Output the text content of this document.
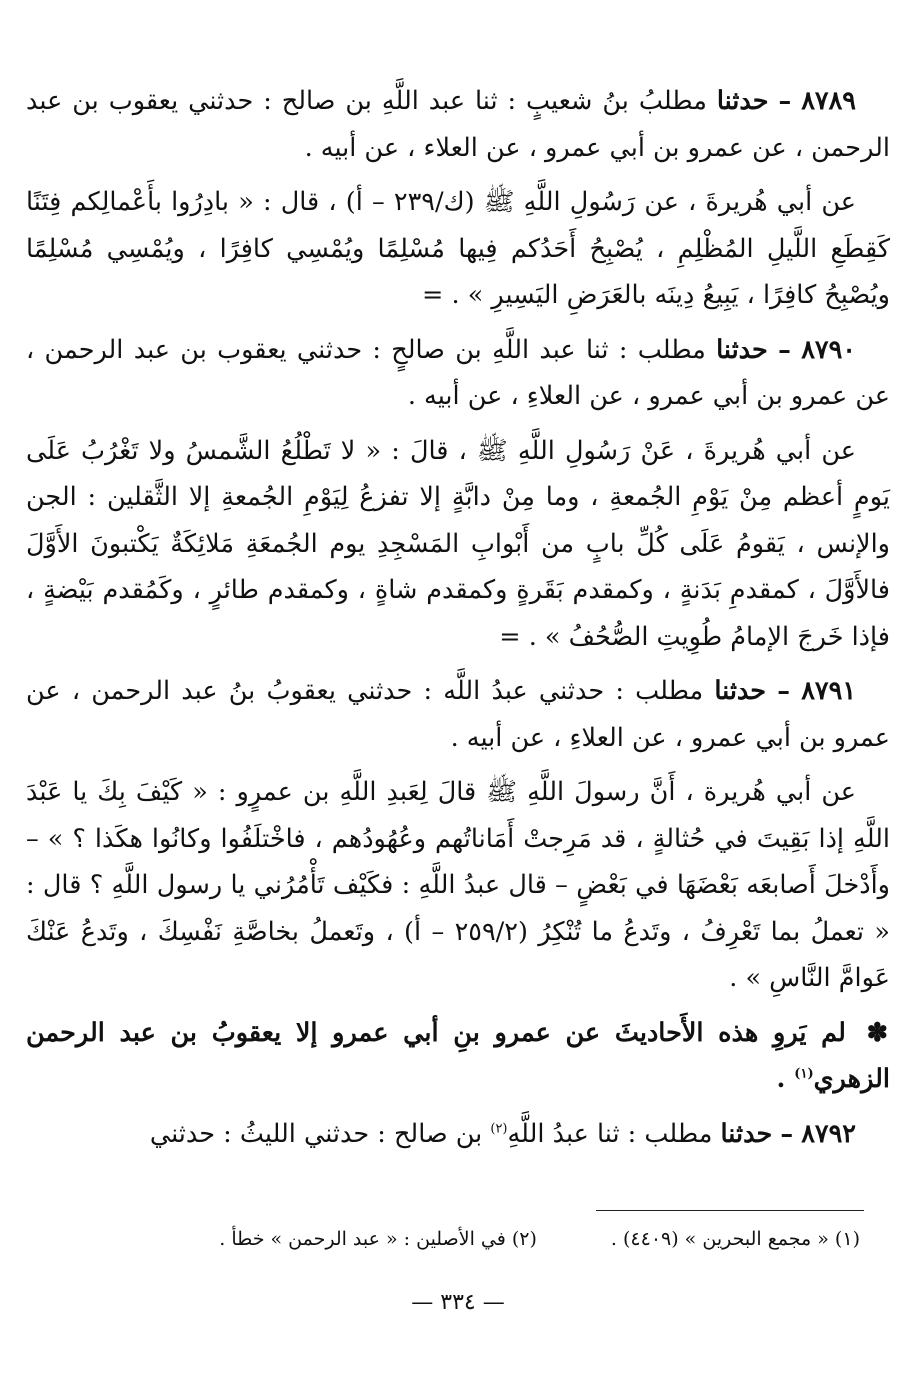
٨٧٨٩ – حدثنا مطلبُ بنُ شعيبٍ : ثنا عبد اللَّهِ بن صالح : حدثني يعقوب بن عبد الرحمن ، عن عمرو بن أبي عمرو ، عن العلاء ، عن أبيه .

عن أبي هُريرةَ ، عن رَسُولِ اللَّهِ ﷺ (ك/٢٣٩ – أ) ، قال : « بادِرُوا بأَعْمالِكم فِتَنًا كَقِطَعِ اللَّيلِ المُظْلِمِ ، يُصْبِحُ أَحَدُكم فِيها مُسْلِمًا ويُمْسِي كافِرًا ، ويُمْسِي مُسْلِمًا ويُصْبِحُ كافِرًا ، يَبِيعُ دِينَه بالعَرَضِ اليَسِيرِ » . =

٨٧٩٠ – حدثنا مطلب : ثنا عبد اللَّهِ بن صالحٍ : حدثني يعقوب بن عبد الرحمن ، عن عمرو بن أبي عمرو ، عن العلاءِ ، عن أبيه .

عن أبي هُريرةَ ، عَنْ رَسُولِ اللَّهِ ﷺ ، قالَ : « لا تَطْلُعُ الشَّمسُ ولا تَغْرُبُ عَلَى يَومٍ أعظم مِنْ يَوْمِ الجُمعةِ ، وما مِنْ دابَّةٍ إلا تفزعُ لِيَوْمِ الجُمعةِ إلا الثَّقلين : الجن والإنس ، يَقومُ عَلَى كُلِّ بابٍ من أَبْوابِ المَسْجِدِ يوم الجُمعَةِ مَلائِكَةٌ يَكْتبونَ الأَوَّلَ فالأَوَّلَ ، كمقدمِ بَدَنةٍ ، وكمقدم بَقَرةٍ وكمقدم شاةٍ ، وكمقدم طائرٍ ، وكَمُقدم بَيْضةٍ ، فإذا خَرجَ الإمامُ طُوِيتِ الصُّحُفُ » . =

٨٧٩١ – حدثنا مطلب : حدثني عبدُ اللَّه : حدثني يعقوبُ بنُ عبد الرحمن ، عن عمرو بن أبي عمرو ، عن العلاءِ ، عن أبيه .

عن أبي هُريرة ، أَنَّ رسولَ اللَّهِ ﷺ قالَ لِعَبدِ اللَّهِ بن عمرٍو : « كَيْفَ بِكَ يا عَبْدَ اللَّهِ إذا بَقِيتَ في حُثالةٍ ، قد مَرِجتْ أَمَاناتُهم وعُهُودُهم ، فاخْتلَفُوا وكانُوا هكَذا ؟ » – وأَدْخلَ أَصابعَه بَعْضَهَا في بَعْضٍ – قال عبدُ اللَّهِ : فكَيْف تَأْمُرُني يا رسول اللَّهِ ؟ قال : « تعملُ بما تَعْرِفُ ، وتَدعُ ما تُنْكِرُ (٢٥٩/٢ – أ) ، وتَعملُ بخاصَّةِ نَفْسِكَ ، وتَدعُ عَنْكَ عَوامَّ النَّاسِ » .

✽ لم يَروِ هذه الأَحاديثَ عن عمرو بنِ أبي عمرو إلا يعقوبُ بن عبد الرحمن الزهري$^{(١)}$ .

٨٧٩٢ – حدثنا مطلب : ثنا عبدُ اللَّهِ$^{(٢)}$ بن صالح : حدثني الليثُ : حدثني

(١) « مجمع البحرين » (٤٤٠٩) .
(٢) في الأصلين : « عبد الرحمن » خطأ .
— ٣٣٤ —
